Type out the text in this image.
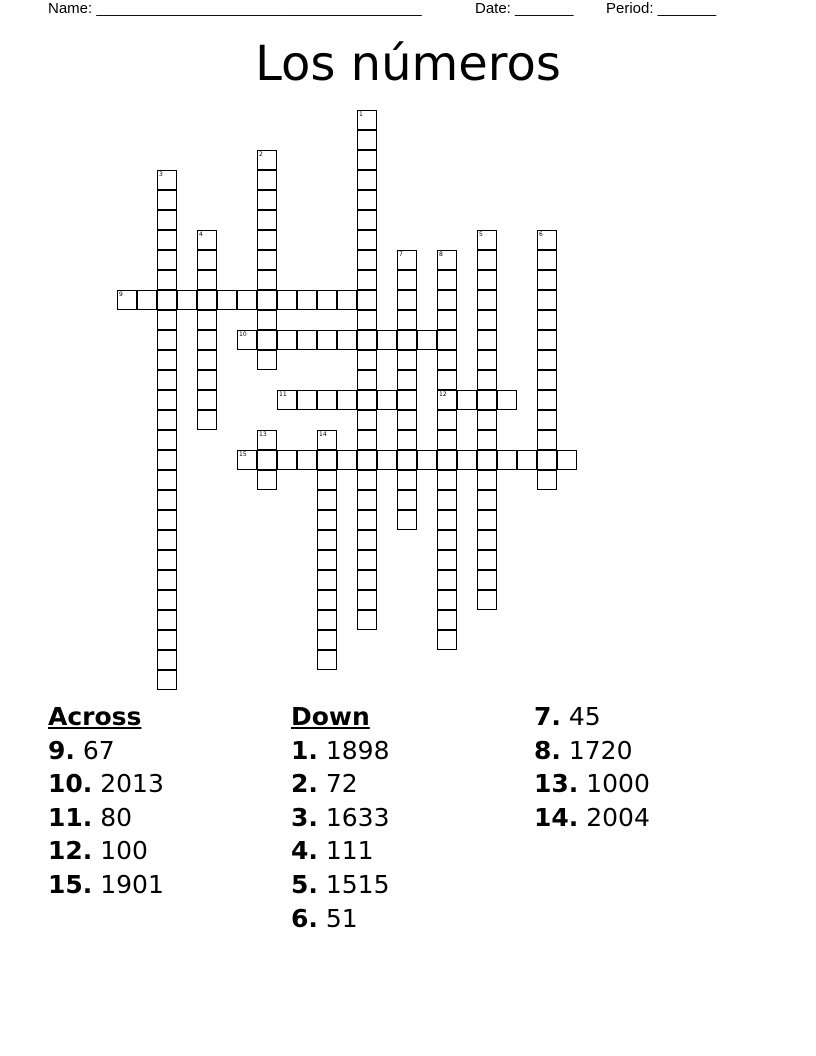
Name: _______________________________________	Date: _______ Period: _______
Los números
1
2
3
4	5	6
7	8
12
9
10
11
13	14
15
Across
9. 67
10. 2013
11. 80
12. 100
15. 1901
Down
1. 1898
2. 72
3. 1633
4. 111
5. 1515
6. 51
7. 45
8. 1720
13. 1000
14. 2004
